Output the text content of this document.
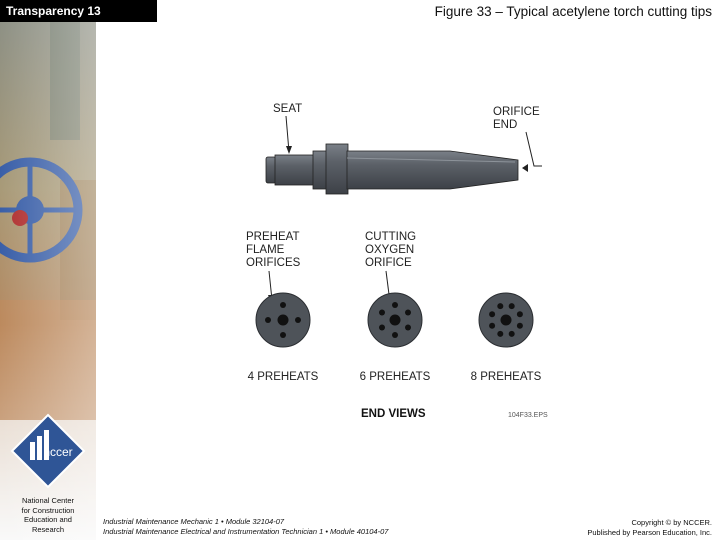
nccer
Transparency 13	Figure 33 – Typical acetylene torch cutting tips
National Center
for Construction
Education and
Research
SEAT	ORIFICE
END
PREHEAT
FLAME
ORIFICES
CUTTING
OXYGEN
ORIFICE
4 PREHEATS	6 PREHEATS	8 PREHEATS
END VIEWS	104F33.EPS
Industrial Maintenance Mechanic 1 • Module 32104-07
Industrial Maintenance Electrical and Instrumentation Technician 1 • Module 40104-07
Copyright © by NCCER.
Published by Pearson Education, Inc.
